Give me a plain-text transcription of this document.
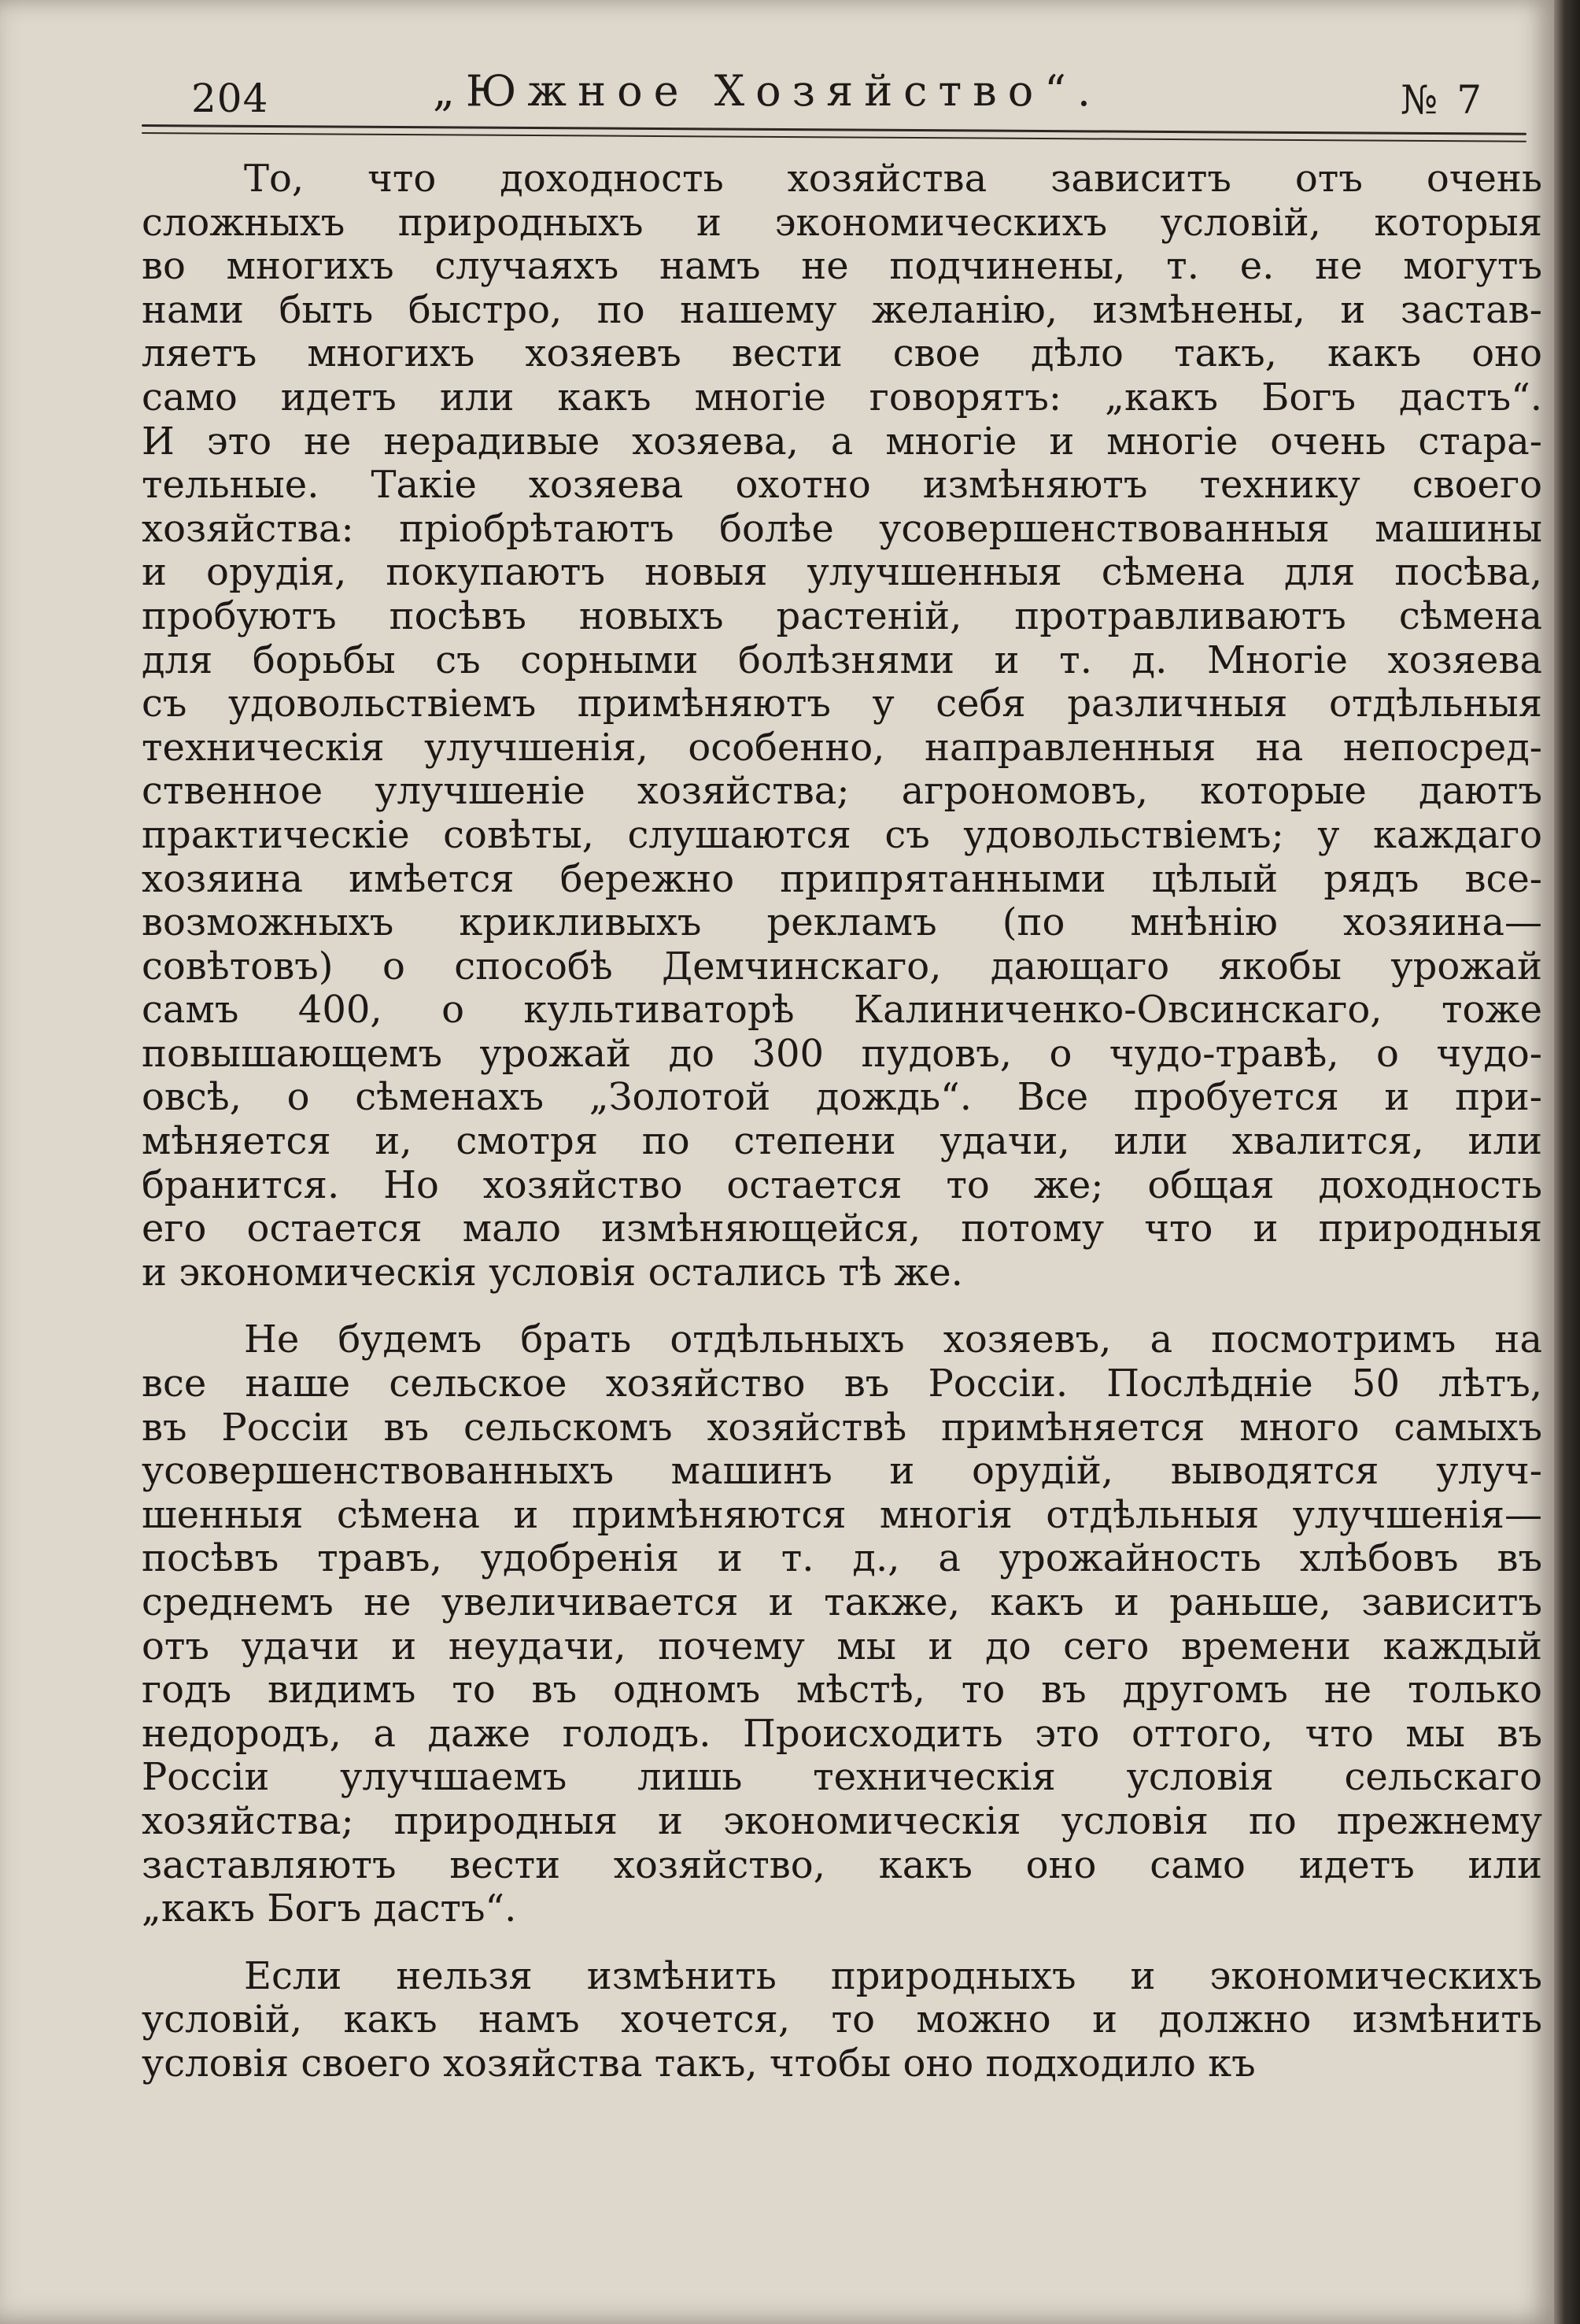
204	„Южное Хозяйство“.	№ 7
То, что доходность хозяйства зависитъ отъ очень
сложныхъ природныхъ и экономическихъ условій, которыя
во многихъ случаяхъ намъ не подчинены, т. е. не могутъ
нами быть быстро, по нашему желанію, измѣнены, и застав-
ляетъ многихъ хозяевъ вести свое дѣло такъ, какъ оно
само идетъ или какъ многіе говорятъ: „какъ Богъ дастъ“.
И это не нерадивые хозяева, а многіе и многіе очень стара-
тельные. Такіе хозяева охотно измѣняютъ технику своего
хозяйства: пріобрѣтаютъ болѣе усовершенствованныя машины
и орудія, покупаютъ новыя улучшенныя сѣмена для посѣва,
пробуютъ посѣвъ новыхъ растеній, протравливаютъ сѣмена
для борьбы съ сорными болѣзнями и т. д. Многіе хозяева
съ удовольствіемъ примѣняютъ у себя различныя отдѣльныя
техническія улучшенія, особенно, направленныя на непосред-
ственное улучшеніе хозяйства; агрономовъ, которые даютъ
практическіе совѣты, слушаются съ удовольствіемъ; у каждаго
хозяина имѣется бережно припрятанными цѣлый рядъ все-
возможныхъ крикливыхъ рекламъ (по мнѣнію хозяина—
совѣтовъ) о способѣ Демчинскаго, дающаго якобы урожай
самъ 400, о культиваторѣ Калиниченко-Овсинскаго, тоже
повышающемъ урожай до 300 пудовъ, о чудо-травѣ, о чудо-
овсѣ, о сѣменахъ „Золотой дождь“. Все пробуется и при-
мѣняется и, смотря по степени удачи, или хвалится, или
бранится. Но хозяйство остается то же; общая доходность
его остается мало измѣняющейся, потому что и природныя
и экономическія условія остались тѣ же.
Не будемъ брать отдѣльныхъ хозяевъ, а посмотримъ на
все наше сельское хозяйство въ Россіи. Послѣдніе 50 лѣтъ,
въ Россіи въ сельскомъ хозяйствѣ примѣняется много самыхъ
усовершенствованныхъ машинъ и орудій, выводятся улуч-
шенныя сѣмена и примѣняются многія отдѣльныя улучшенія—
посѣвъ травъ, удобренія и т. д., а урожайность хлѣбовъ въ
среднемъ не увеличивается и также, какъ и раньше, зависитъ
отъ удачи и неудачи, почему мы и до сего времени каждый
годъ видимъ то въ одномъ мѣстѣ, то въ другомъ не только
недородъ, а даже голодъ. Происходить это оттого, что мы въ
Россіи улучшаемъ лишь техническія условія сельскаго
хозяйства; природныя и экономическія условія по прежнему
заставляютъ вести хозяйство, какъ оно само идетъ или
„какъ Богъ дастъ“.
Если нельзя измѣнить природныхъ и экономическихъ
условій, какъ намъ хочется, то можно и должно измѣнить
условія своего хозяйства такъ, чтобы оно подходило къ
